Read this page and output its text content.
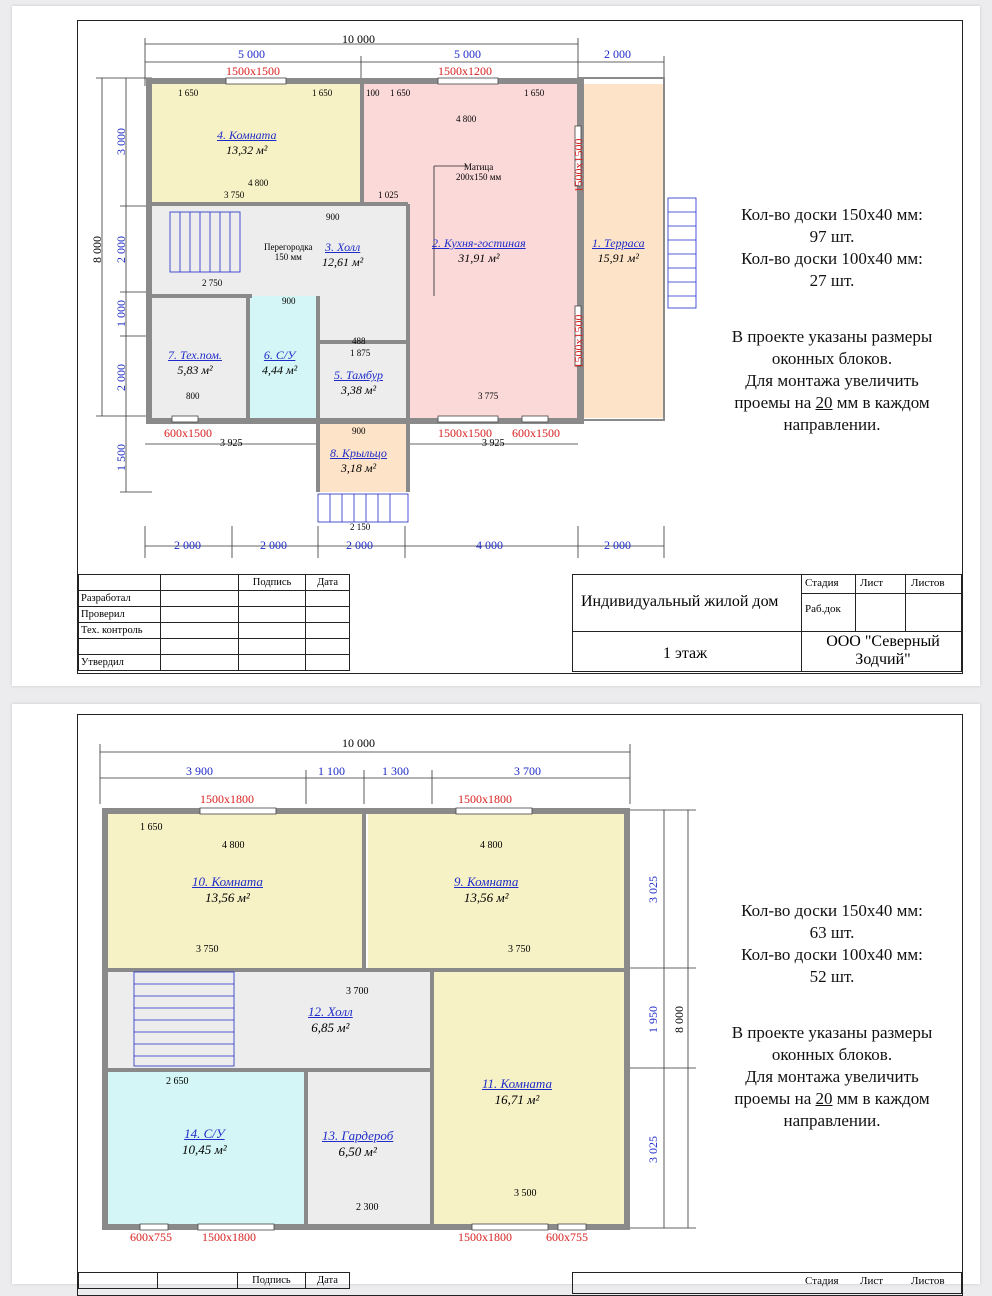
10 000
5 000	5 000	2 000
1500x1500	1500x1200
8 000
3 000
2 000
1 000
2 000
1 500
2 000	2 000	2 000	4 000	2 000
600x1500	1500x1500 600x1500
3 925	3 925
1500x1500
1500x1500
4. Комната
13,32 м²
2. Кухня-гостиная
31,91 м²
1. Терраса
15,91 м²
3. Холл
12,61 м²
7. Тех.пом.
5,83 м²
6. С/У
4,44 м²	5. Тамбур
3,38 м²
8. Крыльцо
3,18 м²
Перегородка
150 мм
Матица
200x150 мм
1 650	1 650	100 1 650	1 650
4 800
4 800
3 750	1 025
900
2 750
900
488
1 875
800	3 775
900
2 150

Кол-во доски 150х40 мм:

97 шт.

Кол-во доски 100х40 мм:

27 шт.

В проекте указаны размеры

оконных блоков.

Для монтажа увеличить

проемы на 20 мм в каждом

направлении.

		Подпись	Дата
Разработал			
Проверил			
Тех. контроль			

Утвердил			
Индивидуальный жилой дом
1 этаж
Стадия Лист	Листов
Раб.док
ООО "Северный Зодчий"
10 000
3 900	1 100	1 300	3 700
1500x1800	1500x1800
3 025
1 950
3 025
8 000
600x755	1500x1800	1500x1800	600x755
10. Комната
13,56 м²
9. Комната
13,56 м²
12. Холл
6,85 м²
11. Комната
16,71 м²
14. С/У
10,45 м²
13. Гардероб
6,50 м²
1 650
4 800	4 800
3 750	3 750
3 700
2 650
3 500
2 300

Кол-во доски 150х40 мм:

63 шт.

Кол-во доски 100х40 мм:

52 шт.

В проекте указаны размеры

оконных блоков.

Для монтажа увеличить

проемы на 20 мм в каждом

направлении.

		Подпись	Дата	Стадия Лист	Листов
